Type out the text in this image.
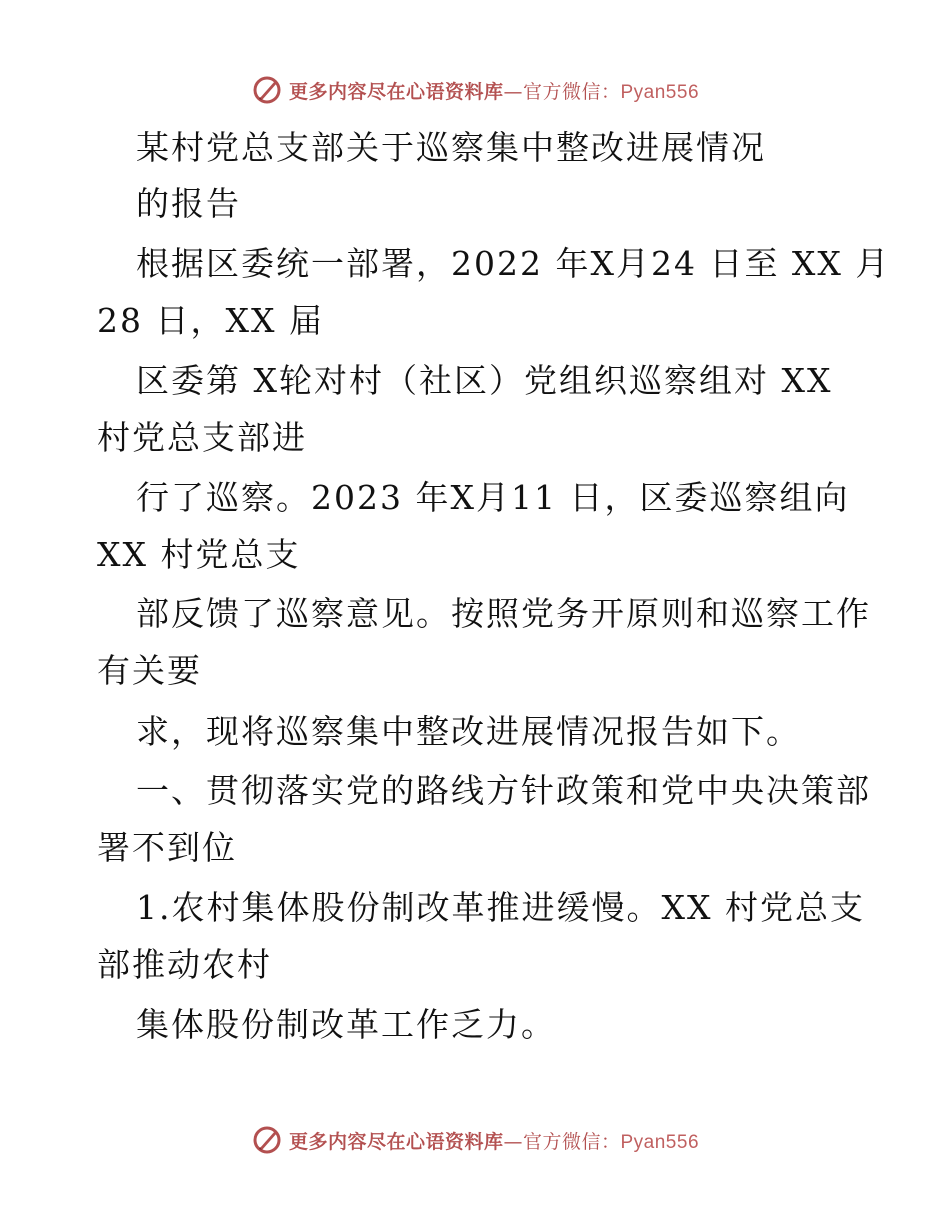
更多内容尽在心语资料库—官方微信：Pyan556
某村党总支部关于巡察集中整改进展情况
的报告
根据区委统一部署，2022 年X月24 日至 XX 月
28 日，XX 届
区委第 X轮对村（社区）党组织巡察组对 XX
村党总支部进
行了巡察。2023 年X月11 日，区委巡察组向
XX 村党总支
部反馈了巡察意见。按照党务开原则和巡察工作
有关要
求，现将巡察集中整改进展情况报告如下。
一、贯彻落实党的路线方针政策和党中央决策部
署不到位
1.农村集体股份制改革推进缓慢。XX 村党总支
部推动农村
集体股份制改革工作乏力。
更多内容尽在心语资料库—官方微信：Pyan556
